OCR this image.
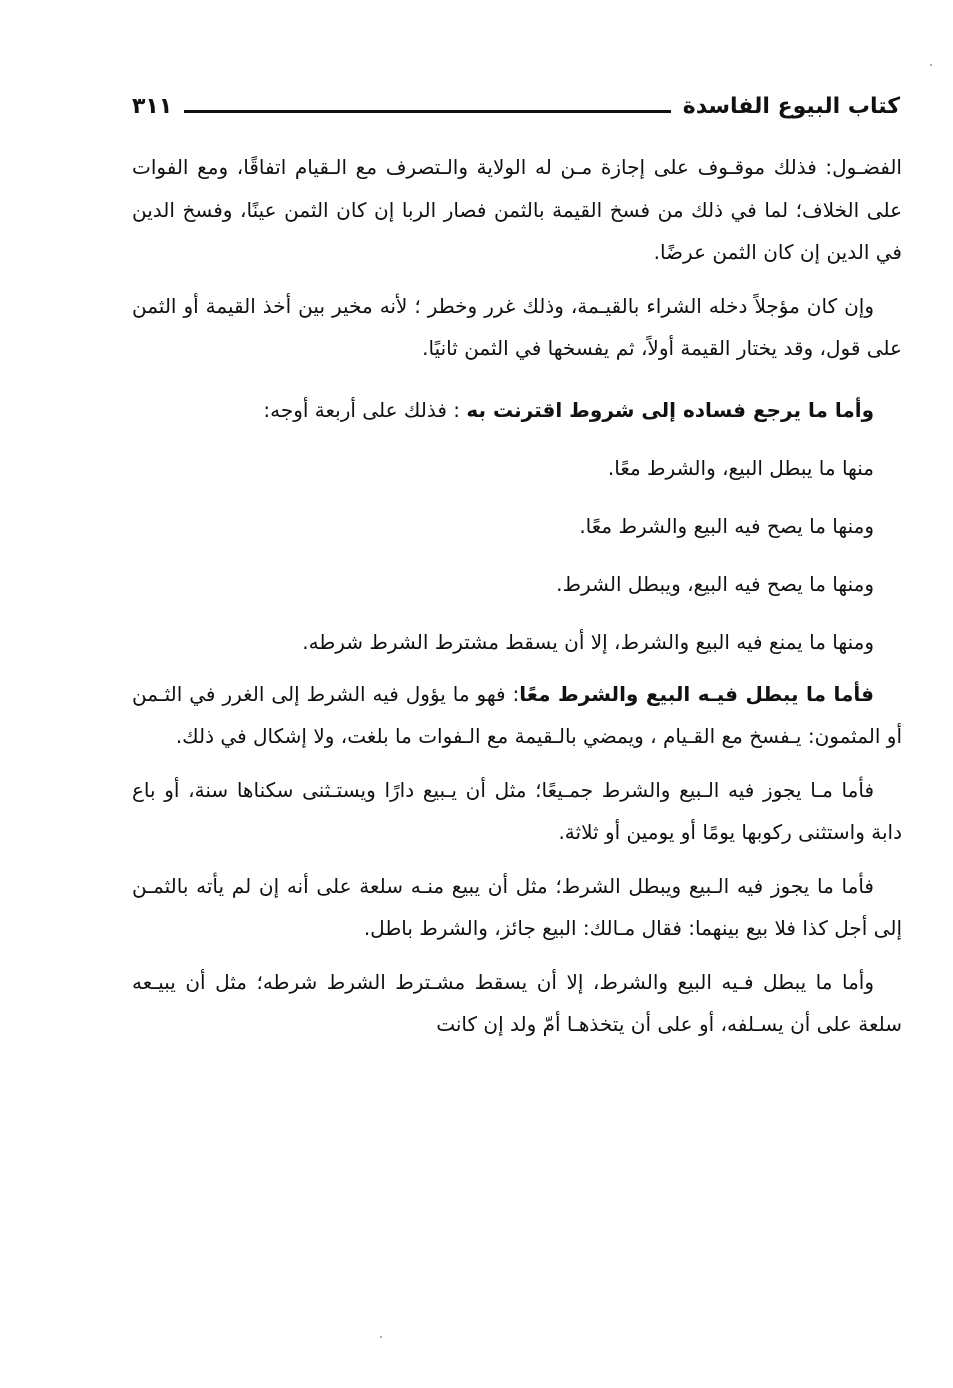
كتاب البيوع الفاسدة
٣١١

الفضـول: فذلك موقـوف على إجازة مـن له الولاية والـتصرف مع الـقيام اتفاقًا، ومع الفوات على الخلاف؛ لما في ذلك من فسخ القيمة بالثمن فصار الربا إن كان الثمن عينًا، وفسخ الدين في الدين إن كان الثمن عرضًا.

وإن كان مؤجلاً دخله الشراء بالقيـمة، وذلك غرر وخطر ؛ لأنه مخير بين أخذ القيمة أو الثمن على قول، وقد يختار القيمة أولاً، ثم يفسخها في الثمن ثانيًا.

وأما ما يرجع فساده إلى شروط اقترنت به : فذلك على أربعة أوجه:

منها ما يبطل البيع، والشرط معًا.

ومنها ما يصح فيه البيع والشرط معًا.

ومنها ما يصح فيه البيع، ويبطل الشرط.

ومنها ما يمنع فيه البيع والشرط، إلا أن يسقط مشترط الشرط شرطه.

فأما ما يبطل فيـه البيع والشرط معًا: فهو ما يؤول فيه الشرط إلى الغرر في الثـمن أو المثمون: يـفسخ مع القـيام ، ويمضي بالـقيمة مع الـفوات ما بلغت، ولا إشكال في ذلك.

فأما مـا يجوز فيه الـبيع والشرط جمـيعًا؛ مثل أن يـبيع دارًا ويستـثنى سكناها سنة، أو باع دابة واستثنى ركوبها يومًا أو يومين أو ثلاثة.

فأما ما يجوز فيه الـبيع ويبطل الشرط؛ مثل أن يبيع منـه سلعة على أنه إن لم يأته بالثمـن إلى أجل كذا فلا بيع بينهما: فقال مـالك: البيع جائز، والشرط باطل.

وأما ما يبطل فـيه البيع والشرط، إلا أن يسقط مشـترط الشرط شرطه؛ مثل أن يبيـعه سلعة على أن يسـلفه، أو على أن يتخذهـا أمّ ولد إن كانت
